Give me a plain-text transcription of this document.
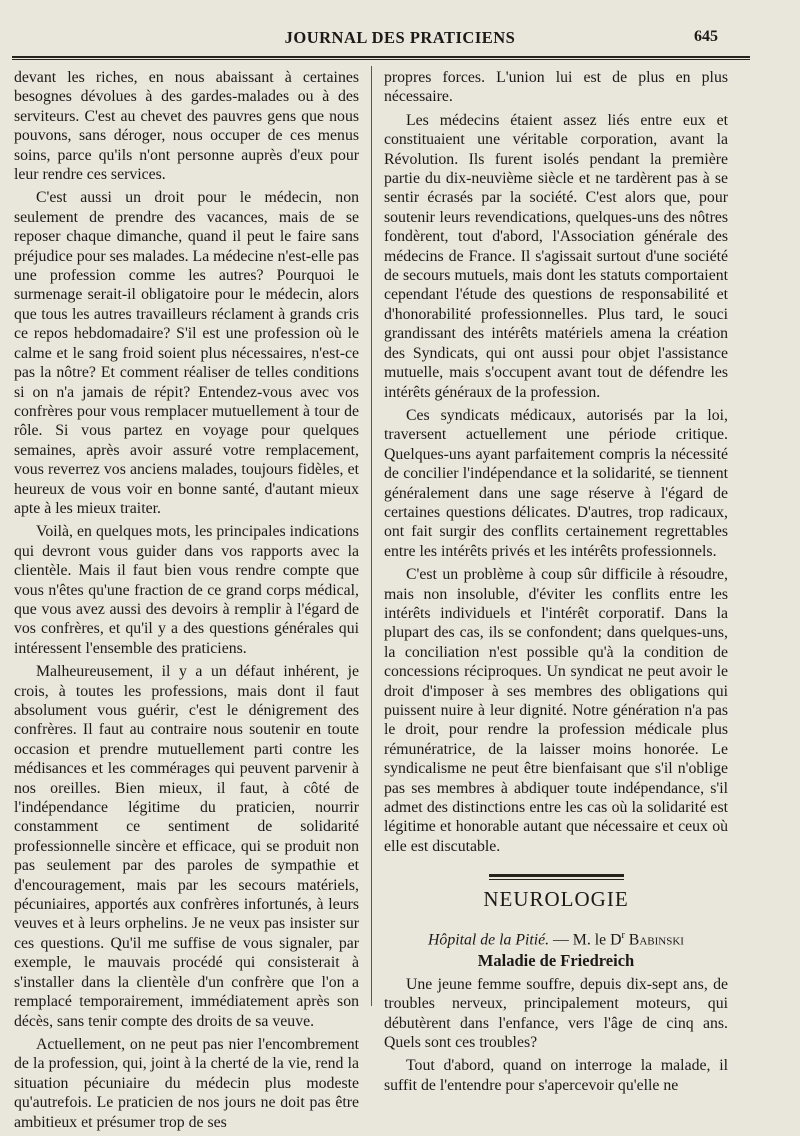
JOURNAL DES PRATICIENS	645

devant les riches, en nous abaissant à certaines besognes dévolues à des gardes-malades ou à des serviteurs. C'est au chevet des pauvres gens que nous pouvons, sans déroger, nous occuper de ces menus soins, parce qu'ils n'ont personne auprès d'eux pour leur rendre ces services.

C'est aussi un droit pour le médecin, non seulement de prendre des vacances, mais de se reposer chaque dimanche, quand il peut le faire sans préjudice pour ses malades. La médecine n'est-elle pas une profession comme les autres? Pourquoi le surmenage serait-il obligatoire pour le médecin, alors que tous les autres travailleurs réclament à grands cris ce repos hebdomadaire? S'il est une profession où le calme et le sang froid soient plus nécessaires, n'est-ce pas la nôtre? Et comment réaliser de telles conditions si on n'a jamais de répit? Entendez-vous avec vos confrères pour vous remplacer mutuellement à tour de rôle. Si vous partez en voyage pour quelques semaines, après avoir assuré votre remplacement, vous reverrez vos anciens malades, toujours fidèles, et heureux de vous voir en bonne santé, d'autant mieux apte à les mieux traiter.

Voilà, en quelques mots, les principales indications qui devront vous guider dans vos rapports avec la clientèle. Mais il faut bien vous rendre compte que vous n'êtes qu'une fraction de ce grand corps médical, que vous avez aussi des devoirs à remplir à l'égard de vos confrères, et qu'il y a des questions générales qui intéressent l'ensemble des praticiens.

Malheureusement, il y a un défaut inhérent, je crois, à toutes les professions, mais dont il faut absolument vous guérir, c'est le dénigrement des confrères. Il faut au contraire nous soutenir en toute occasion et prendre mutuellement parti contre les médisances et les commérages qui peuvent parvenir à nos oreilles. Bien mieux, il faut, à côté de l'indépendance légitime du praticien, nourrir constamment ce sentiment de solidarité professionnelle sincère et efficace, qui se produit non pas seulement par des paroles de sympathie et d'encouragement, mais par les secours matériels, pécuniaires, apportés aux confrères infortunés, à leurs veuves et à leurs orphelins. Je ne veux pas insister sur ces questions. Qu'il me suffise de vous signaler, par exemple, le mauvais procédé qui consisterait à s'installer dans la clientèle d'un confrère que l'on a remplacé temporairement, immédiatement après son décès, sans tenir compte des droits de sa veuve.

Actuellement, on ne peut pas nier l'encombrement de la profession, qui, joint à la cherté de la vie, rend la situation pécuniaire du médecin plus modeste qu'autrefois. Le praticien de nos jours ne doit pas être ambitieux et présumer trop de ses

propres forces. L'union lui est de plus en plus nécessaire.

Les médecins étaient assez liés entre eux et constituaient une véritable corporation, avant la Révolution. Ils furent isolés pendant la première partie du dix-neuvième siècle et ne tardèrent pas à se sentir écrasés par la société. C'est alors que, pour soutenir leurs revendications, quelques-uns des nôtres fondèrent, tout d'abord, l'Association générale des médecins de France. Il s'agissait surtout d'une société de secours mutuels, mais dont les statuts comportaient cependant l'étude des questions de responsabilité et d'honorabilité professionnelles. Plus tard, le souci grandissant des intérêts matériels amena la création des Syndicats, qui ont aussi pour objet l'assistance mutuelle, mais s'occupent avant tout de défendre les intérêts généraux de la profession.

Ces syndicats médicaux, autorisés par la loi, traversent actuellement une période critique. Quelques-uns ayant parfaitement compris la nécessité de concilier l'indépendance et la solidarité, se tiennent généralement dans une sage réserve à l'égard de certaines questions délicates. D'autres, trop radicaux, ont fait surgir des conflits certainement regrettables entre les intérêts privés et les intérêts professionnels.

C'est un problème à coup sûr difficile à résoudre, mais non insoluble, d'éviter les conflits entre les intérêts individuels et l'intérêt corporatif. Dans la plupart des cas, ils se confondent; dans quelques-uns, la conciliation n'est possible qu'à la condition de concessions réciproques. Un syndicat ne peut avoir le droit d'imposer à ses membres des obligations qui puissent nuire à leur dignité. Notre génération n'a pas le droit, pour rendre la profession médicale plus rémunératrice, de la laisser moins honorée. Le syndicalisme ne peut être bienfaisant que s'il n'oblige pas ses membres à abdiquer toute indépendance, s'il admet des distinctions entre les cas où la solidarité est légitime et honorable autant que nécessaire et ceux où elle est discutable.

NEUROLOGIE

Hôpital de la Pitié. — M. le $D^r$ Babinski

Maladie de Friedreich

Une jeune femme souffre, depuis dix-sept ans, de troubles nerveux, principalement moteurs, qui débutèrent dans l'enfance, vers l'âge de cinq ans. Quels sont ces troubles?

Tout d'abord, quand on interroge la malade, il suffit de l'entendre pour s'apercevoir qu'elle ne
